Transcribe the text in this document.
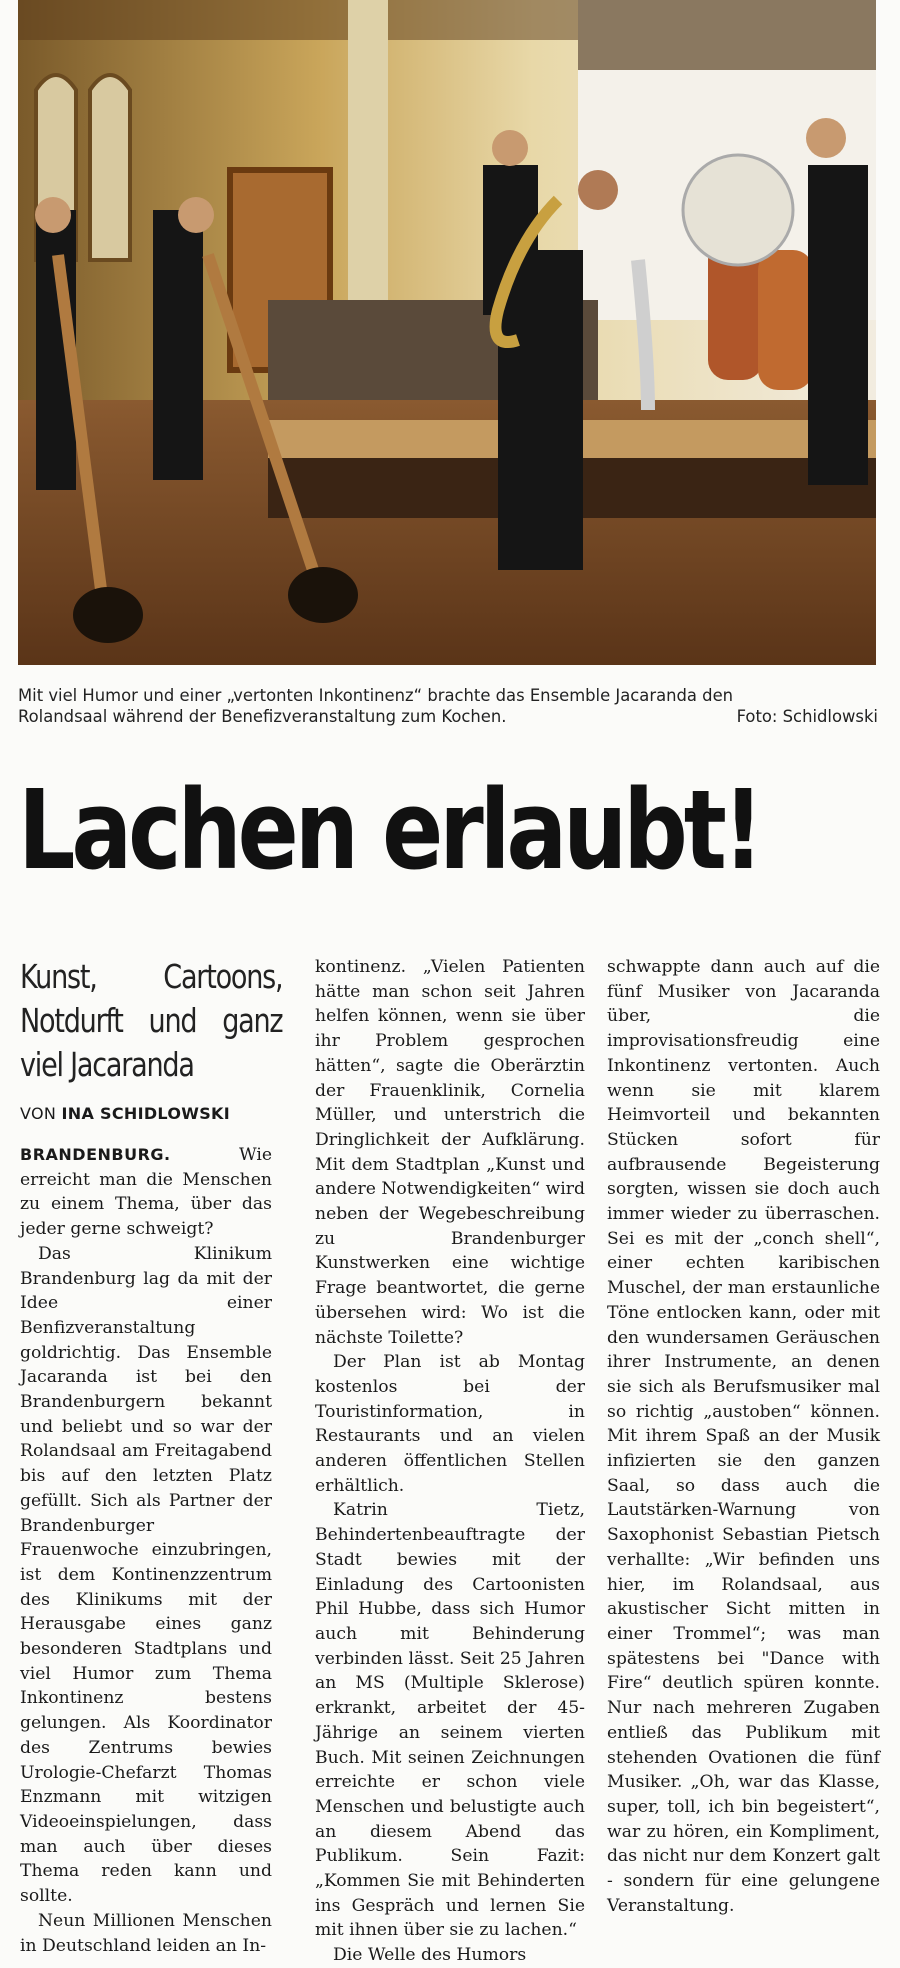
Mit viel Humor und einer „vertonten Inkontinenz“ brachte das Ensemble Jacaranda den
Rolandsaal während der Benefizveranstaltung zum Kochen.	Foto: Schidlowski
Lachen erlaubt!
Kunst, Cartoons, Notdurft und ganz viel Jacaranda
VON INA SCHIDLOWSKI

BRANDENBURG.	Wie erreicht man die Menschen zu einem Thema, über das jeder gerne schweigt?

Das Klinikum Brandenburg lag da mit der Idee einer Benfizveranstaltung goldrichtig. Das Ensemble Jacaranda ist bei den Brandenburgern bekannt und beliebt und so war der Rolandsaal am Freitagabend bis auf den letzten Platz gefüllt. Sich als Partner der Brandenburger Frauenwoche einzubringen, ist dem Kontinenzzentrum des Klinikums mit der Herausgabe eines ganz besonderen Stadtplans und viel Humor zum Thema Inkontinenz bestens gelungen. Als Koordinator des Zentrums bewies Urologie-Chefarzt Thomas Enzmann mit witzigen Videoeinspielungen, dass man auch über dieses Thema reden kann und sollte.

Neun Millionen Menschen in Deutschland leiden an In-

kontinenz. „Vielen Patienten hätte man schon seit Jahren helfen können, wenn sie über ihr Problem gesprochen hätten“, sagte die Oberärztin der Frauenklinik, Cornelia Müller, und unterstrich die Dringlichkeit der Aufklärung. Mit dem Stadtplan „Kunst und andere Notwendigkeiten“ wird neben der Wegebeschreibung zu Brandenburger Kunstwerken eine wichtige Frage beantwortet, die gerne übersehen wird: Wo ist die nächste Toilette?

Der Plan ist ab Montag kostenlos bei der Touristinformation, in Restaurants und an vielen anderen öffentlichen Stellen erhältlich.

Katrin Tietz, Behindertenbeauftragte der Stadt bewies mit der Einladung des Cartoonisten Phil Hubbe, dass sich Humor auch mit Behinderung verbinden lässt. Seit 25 Jahren an MS (Multiple Sklerose) erkrankt, arbeitet der 45-Jährige an seinem vierten Buch. Mit seinen Zeichnungen erreichte er schon viele Menschen und belustigte auch an diesem Abend das Publikum. Sein Fazit: „Kommen Sie mit Behinderten ins Gespräch und lernen Sie mit ihnen über sie zu lachen.“

Die Welle des Humors

schwappte dann auch auf die fünf Musiker von Jacaranda über, die improvisationsfreudig eine Inkontinenz vertonten. Auch wenn sie mit klarem Heimvorteil und bekannten Stücken sofort für aufbrausende Begeisterung sorgten, wissen sie doch auch immer wieder zu überraschen. Sei es mit der „conch shell“, einer echten karibischen Muschel, der man erstaunliche Töne entlocken kann, oder mit den wundersamen Geräuschen ihrer Instrumente, an denen sie sich als Berufsmusiker mal so richtig „austoben“ können. Mit ihrem Spaß an der Musik infizierten sie den ganzen Saal, so dass auch die Lautstärken-Warnung von Saxophonist Sebastian Pietsch verhallte: „Wir befinden uns hier, im Rolandsaal, aus akustischer Sicht mitten in einer Trommel“; was man spätestens bei "Dance with Fire“ deutlich spüren konnte. Nur nach mehreren Zugaben entließ das Publikum mit stehenden Ovationen die fünf Musiker. „Oh, war das Klasse, super, toll, ich bin begeistert“, war zu hören, ein Kompliment, das nicht nur dem Konzert galt - sondern für eine gelungene Veranstaltung.
